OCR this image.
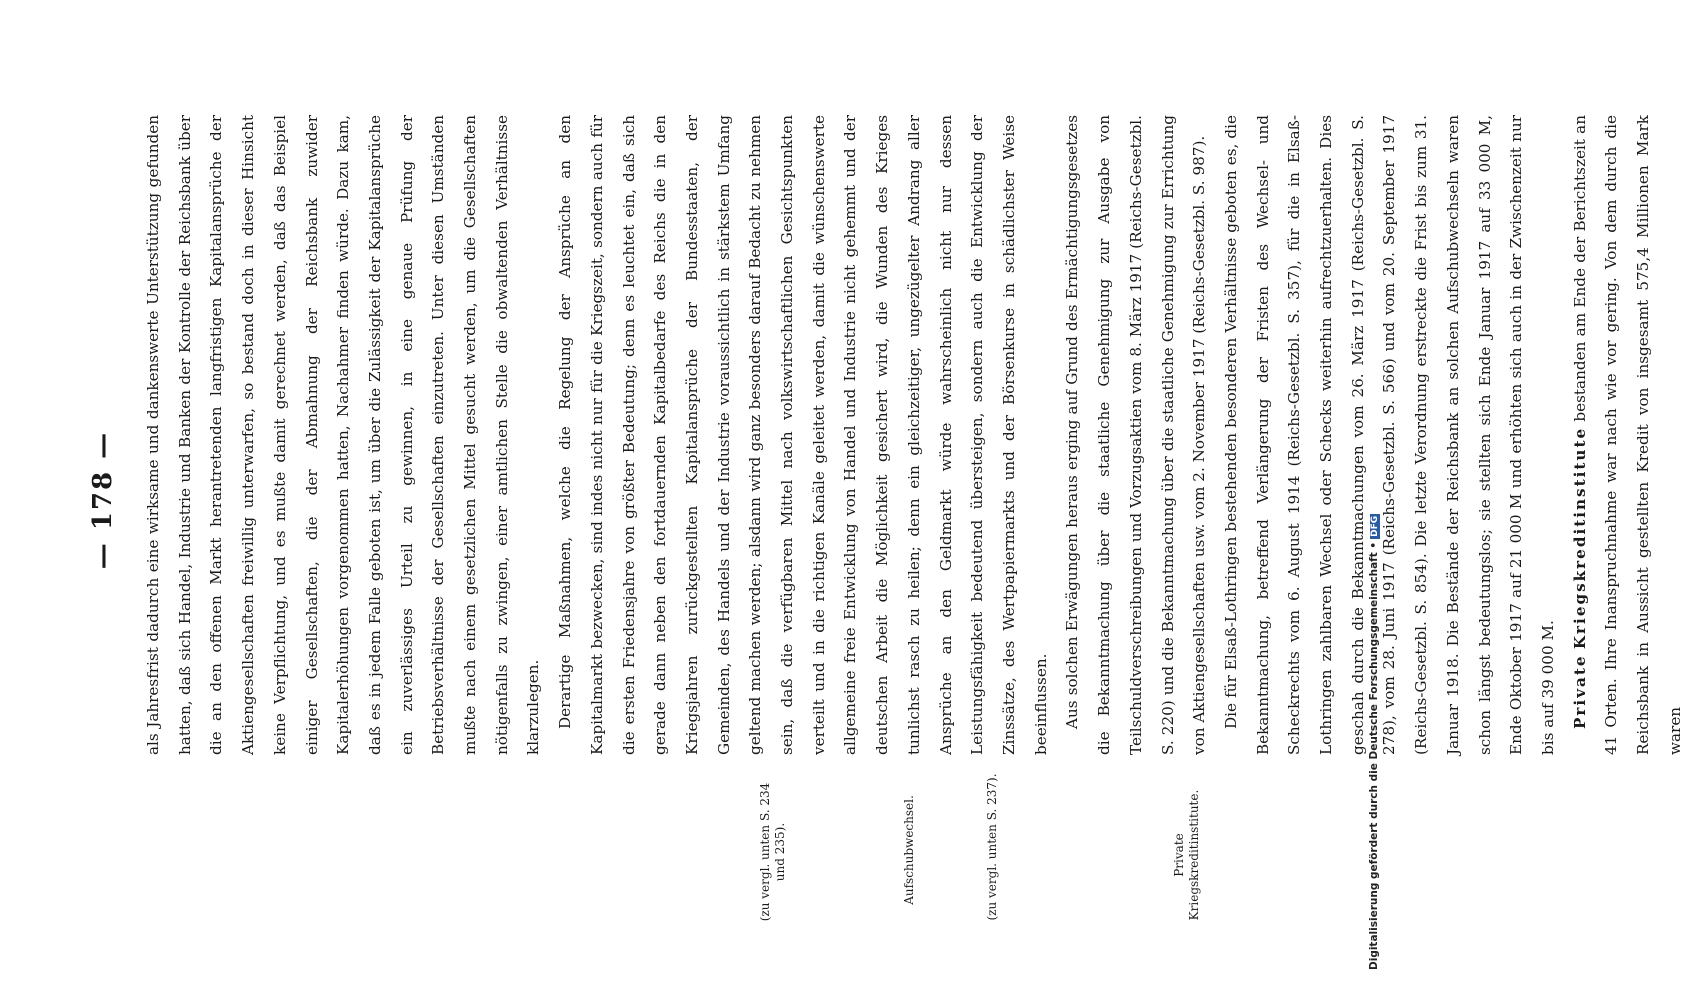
— 178 —	als Jahresfrist dadurch eine wirksame und dankenswerte Unterstützung gefunden hatten, daß sich Handel, Industrie und Banken der Kontrolle der Reichsbank über die an den offenen Markt herantretenden langfristigen Kapitalansprüche der Aktiengesellschaften freiwillig unterwarfen, so bestand doch in dieser Hinsicht keine Verpflichtung, und es mußte damit gerechnet werden, daß das Beispiel einiger Gesellschaften, die der Abmahnung der Reichsbank zuwider Kapitalerhöhungen vorgenommen hatten, Nachahmer finden würde. Dazu kam, daß es in jedem Falle geboten ist, um über die Zulässigkeit der Kapitalansprüche ein zuverlässiges Urteil zu gewinnen, in eine genaue Prüfung der Betriebsverhältnisse der Gesellschaften einzutreten. Unter diesen Umständen mußte nach einem gesetzlichen Mittel gesucht werden, um die Gesellschaften nötigenfalls zu zwingen, einer amtlichen Stelle die obwaltenden Verhältnisse klarzulegen. Derartige Maßnahmen, welche die Regelung der Ansprüche an den Kapitalmarkt bezwecken, sind indes nicht nur für die Kriegszeit, sondern auch für die ersten Friedensjahre von größter Bedeutung; denn es leuchtet ein, daß sich gerade dann neben den fortdauernden Kapitalbedarfe des Reichs die in den Kriegsjahren zurückgestellten Kapitalansprüche der Bundesstaaten, der Gemeinden, des Handels und der Industrie voraussichtlich in stärkstem Umfang geltend machen werden; alsdann wird ganz besonders darauf Bedacht zu nehmen sein, daß die verfügbaren Mittel nach volkswirtschaftlichen Gesichtspunkten verteilt und in die richtigen Kanäle geleitet werden, damit die wünschenswerte allgemeine freie Entwicklung von Handel und Industrie nicht gehemmt und der deutschen Arbeit die Möglichkeit gesichert wird, die Wunden des Krieges tunlichst rasch zu heilen; denn ein gleichzeitiger, ungezügelter Andrang aller Ansprüche an den Geldmarkt würde wahrscheinlich nicht nur dessen Leistungsfähigkeit bedeutend übersteigen, sondern auch die Entwicklung der Zinssätze, des Wertpapiermarkts und der Börsenkurse in schädlichster Weise beeinflussen. Aus solchen Erwägungen heraus erging auf Grund des Ermächtigungsgesetzes die Bekanntmachung über die staatliche Genehmigung zur Ausgabe von Teilschuldverschreibungen und Vorzugsaktien vom 8. März 1917 (Reichs-Gesetzbl. S. 220) und die Bekanntmachung über die staatliche Genehmigung zur Errichtung von Aktiengesellschaften usw. vom 2. November 1917 (Reichs-Gesetzbl. S. 987). Die für Elsaß-Lothringen bestehenden besonderen Verhältnisse geboten es, die Bekanntmachung, betreffend Verlängerung der Fristen des Wechsel- und Scheckrechts vom 6. August 1914 (Reichs-Gesetzbl. S. 357), für die in Elsaß-Lothringen zahlbaren Wechsel oder Schecks weiterhin aufrechtzuerhalten. Dies geschah durch die Bekanntmachungen vom 26. März 1917 (Reichs-Gesetzbl. S. 278), vom 28. Juni 1917 (Reichs-Gesetzbl. S. 566) und vom 20. September 1917 (Reichs-Gesetzbl. S. 854). Die letzte Verordnung erstreckte die Frist bis zum 31. Januar 1918. Die Bestände der Reichsbank an solchen Aufschubwechseln waren schon längst bedeutungslos; sie stellten sich Ende Januar 1917 auf 33 000 M, Ende Oktober 1917 auf 21 000 M und erhöhten sich auch in der Zwischenzeit nur bis auf 39 000 M. Private Kriegskreditinstitute bestanden am Ende der Berichtszeit an 41 Orten. Ihre Inanspruchnahme war nach wie vor gering. Von dem durch die Reichsbank in Aussicht gestellten Kredit von insgesamt 575,4 Millionen Mark waren

(zu vergl. unten S. 234 und 235).	Aufschubwechsel.	(zu vergl. unten S. 237).	Private Kriegskreditinstitute.	Digitalisierung gefördert durch die Deutsche Forschungsgemeinschaft •DFG
